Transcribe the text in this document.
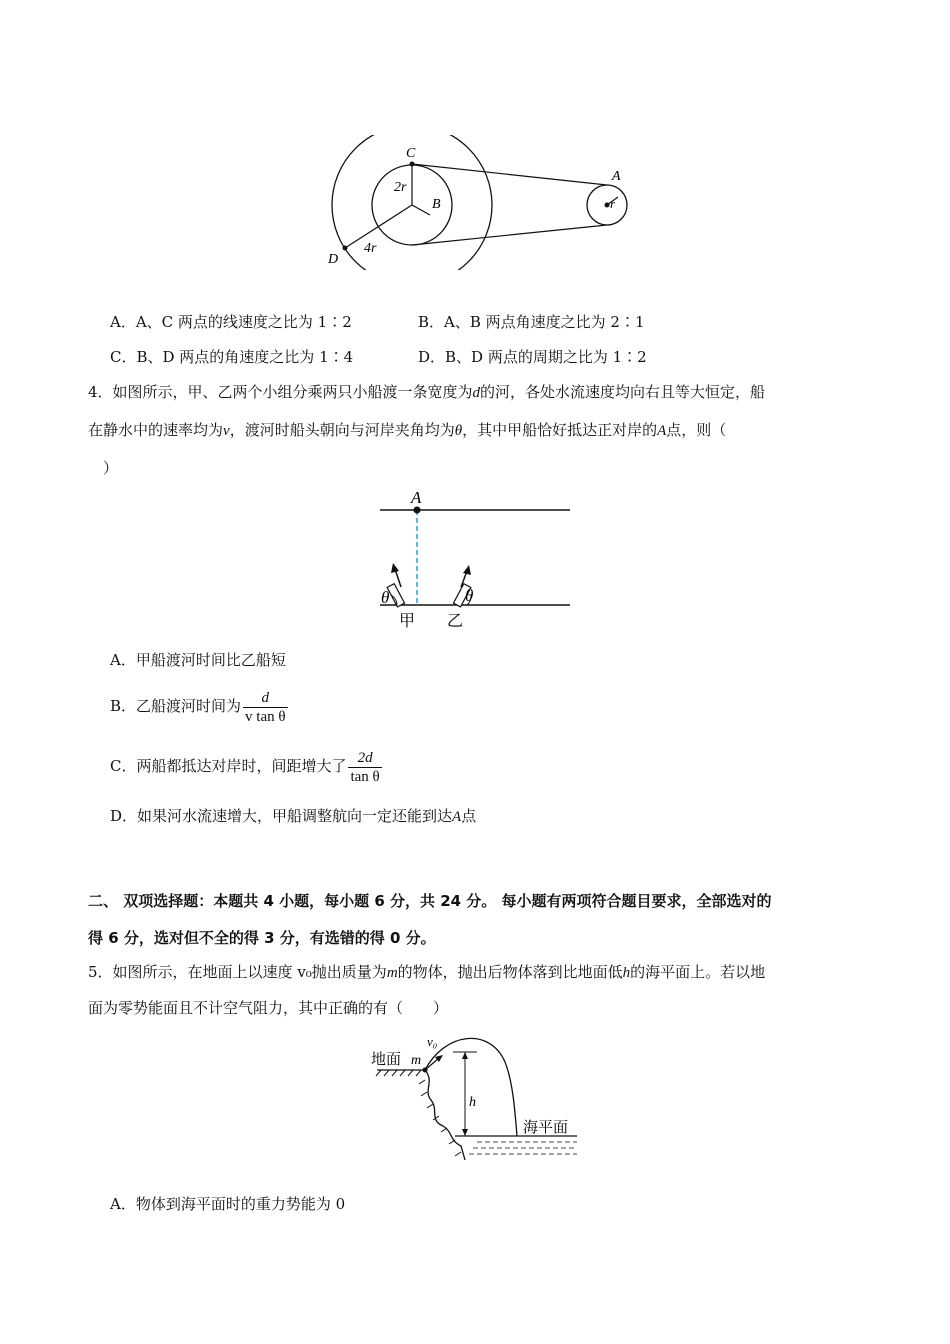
C
B
A
D
2r
4r
r
A．A、C 两点的线速度之比为 1∶2	B．A、B 两点角速度之比为 2∶1
C．B、D 两点的角速度之比为 1∶4	D．B、D 两点的周期之比为 1∶2
4．如图所示，甲、乙两个小组分乘两只小船渡一条宽度为d的河，各处水流速度均向右且等大恒定，船
在静水中的速率均为v，渡河时船头朝向与河岸夹角均为θ，其中甲船恰好抵达正对岸的A点，则（
）
A
θ	θ
甲 乙
A．甲船渡河时间比乙船短
B．乙船渡河时间为 $\frac{d}{\text{v tan θ}}$
C．两船都抵达对岸时，间距增大了 $\frac{2d}{\text{tan θ}}$
D．如果河水流速增大，甲船调整航向一定还能到达A点
二、 双项选择题：本题共 4 小题，每小题 6 分，共 24 分。 每小题有两项符合题目要求，全部选对的
得 6 分，选对但不全的得 3 分，有选错的得 0 分。
5．如图所示，在地面上以速度 v₀抛出质量为m的物体，抛出后物体落到比地面低h的海平面上。若以地
面为零势能面且不计空气阻力，其中正确的有（　　）
地面 m
v₀
h
海平面
A．物体到海平面时的重力势能为 0
